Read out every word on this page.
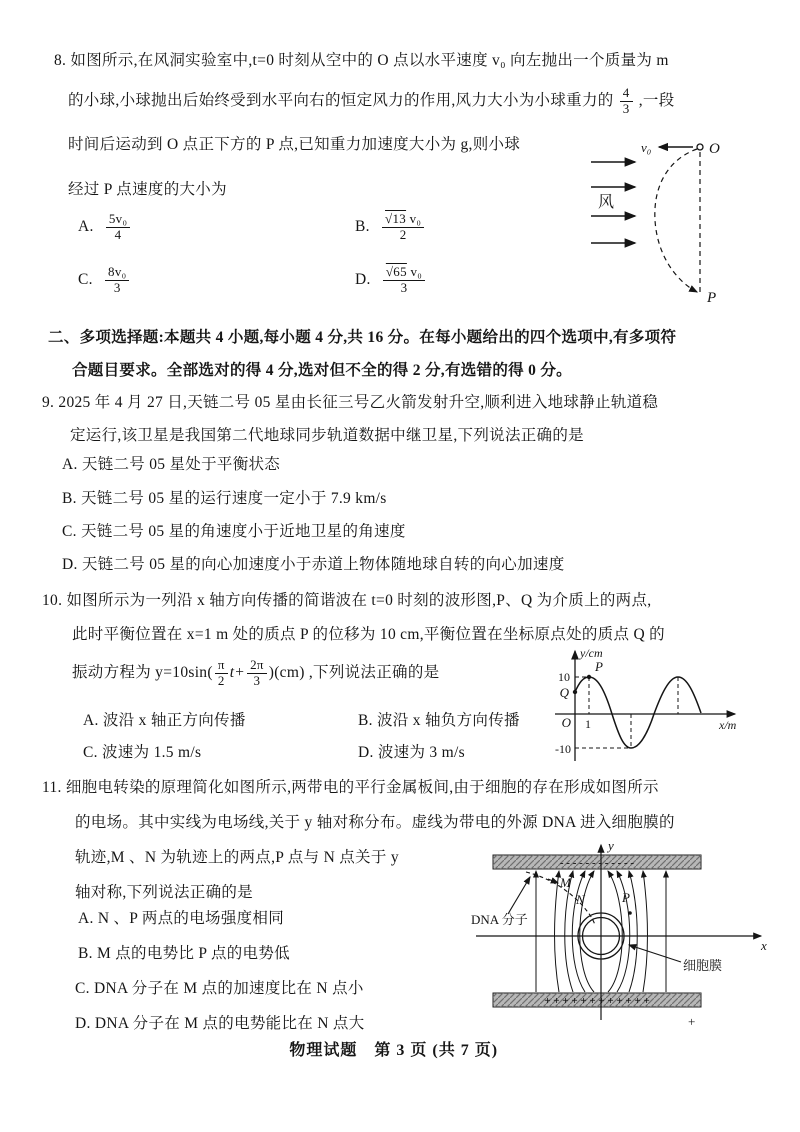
8. 如图所示,在风洞实验室中,t=0 时刻从空中的 O 点以水平速度 v₀ 向左抛出一个质量为 m
的小球,小球抛出后始终受到水平向右的恒定风力的作用,风力大小为小球重力的 $\frac{4}{3}$ ,一段
时间后运动到 O 点正下方的 P 点,已知重力加速度大小为 g,则小球
经过 P 点速度的大小为
A. $\frac{\text{5v₀}}{4}$	B. $\frac{\text{√13 v₀}}{2}$
C. $\frac{\text{8v₀}}{3}$	D. $\frac{\text{√65 v₀}}{3}$
风
v₀	O
P
二、多项选择题:本题共 4 小题,每小题 4 分,共 16 分。在每小题给出的四个选项中,有多项符
合题目要求。全部选对的得 4 分,选对但不全的得 2 分,有选错的得 0 分。
9. 2025 年 4 月 27 日,天链二号 05 星由长征三号乙火箭发射升空,顺利进入地球静止轨道稳
定运行,该卫星是我国第二代地球同步轨道数据中继卫星,下列说法正确的是
A. 天链二号 05 星处于平衡状态
B. 天链二号 05 星的运行速度一定小于 7.9 km/s
C. 天链二号 05 星的角速度小于近地卫星的角速度
D. 天链二号 05 星的向心加速度小于赤道上物体随地球自转的向心加速度
10. 如图所示为一列沿 x 轴方向传播的简谐波在 t=0 时刻的波形图,P、Q 为介质上的两点,
此时平衡位置在 x=1 m 处的质点 P 的位移为 10 cm,平衡位置在坐标原点处的质点 Q 的
振动方程为 $y=10\sin( \frac{\pi}{2} t+ \frac{2\pi}{3} )(cm)$ ,下列说法正确的是
A. 波沿 x 轴正方向传播	B. 波沿 x 轴负方向传播
C. 波速为 1.5 m/s	D. 波速为 3 m/s
y/cm
x/m
10
-10
1
O
P
Q
11. 细胞电转染的原理简化如图所示,两带电的平行金属板间,由于细胞的存在形成如图所示
的电场。其中实线为电场线,关于 y 轴对称分布。虚线为带电的外源 DNA 进入细胞膜的
轨迹,M 、N 为轨迹上的两点,P 点与 N 点关于 y
轴对称,下列说法正确的是
A. N 、P 两点的电场强度相同
B. M 点的电势比 P 点的电势低
C. DNA 分子在 M 点的加速度比在 N 点小
D. DNA 分子在 M 点的电势能比在 N 点大
- - - - - - - - - - - -
+ + + + + + + + + + + +
y
x
M
N	P
DNA 分子
细胞膜
+
物理试题　第 3 页 (共 7 页)
